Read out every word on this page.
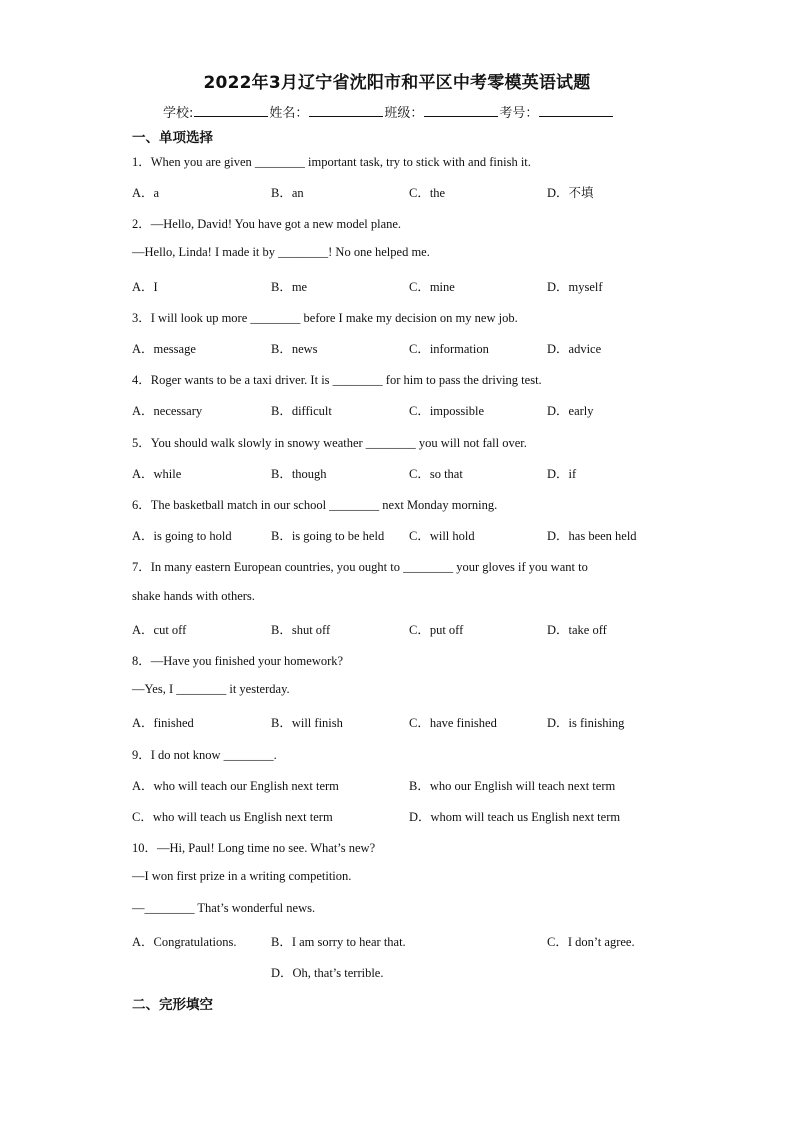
2022年3月辽宁省沈阳市和平区中考零模英语试题
学校:	姓名：	班级：	考号：
一、单项选择
1．When you are given ________ important task, try to stick with and finish it.
A．a	B．an	C．the	D．不填
2．—Hello, David! You have got a new model plane.
—Hello, Linda! I made it by ________! No one helped me.
A．I	B．me	C．mine	D．myself
3．I will look up more ________ before I make my decision on my new job.
A．message	B．news	C．information	D．advice
4．Roger wants to be a taxi driver. It is ________ for him to pass the driving test.
A．necessary	B．difficult	C．impossible	D．early
5．You should walk slowly in snowy weather ________ you will not fall over.
A．while	B．though	C．so that	D．if
6．The basketball match in our school ________ next Monday morning.
A．is going to hold	B．is going to be held C．will hold	D．has been held
7．In many eastern European countries, you ought to ________ your gloves if you want to
shake hands with others.
A．cut off	B．shut off	C．put off	D．take off
8．—Have you finished your homework?
—Yes, I ________ it yesterday.
A．finished	B．will finish	C．have finished	D．is finishing
9．I do not know ________.
A．who will teach our English next term	B．who our English will teach next term
C．who will teach us English next term	D．whom will teach us English next term
10．—Hi, Paul! Long time no see. What’s new?
—I won first prize in a writing competition.
—________ That’s wonderful news.
A．Congratulations.	B．I am sorry to hear that.	C．I don’t agree.
D．Oh, that’s terrible.
二、完形填空
